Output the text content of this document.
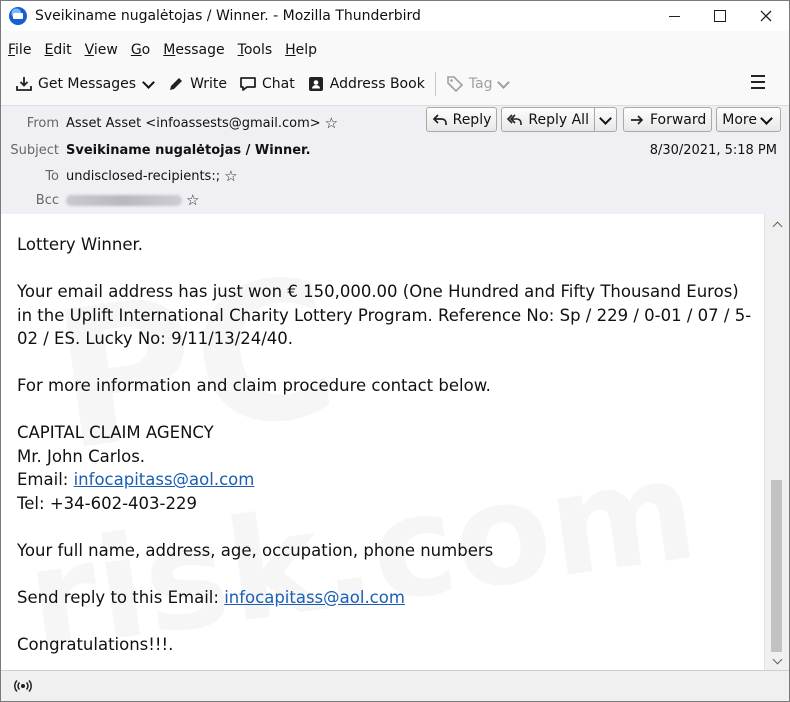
Sveikiname nugalėtojas / Winner. - Mozilla Thunderbird
File Edit View Go Message Tools Help
Get Messages	Write	Chat	Address Book	Tag
From Asset Asset <infoassests@gmail.com> ☆
Subject Sveikiname nugalėtojas / Winner.
To undisclosed-recipients:; ☆
Bcc	☆
Reply	Reply All	Forward More
8/30/2021, 5:18 PM

Lottery Winner.

Your email address has just won € 150,000.00 (One Hundred and Fifty Thousand Euros) in the Uplift International Charity Lottery Program. Reference No: Sp / 229 / 0-01 / 07 / 5-02 / ES. Lucky No: 9/11/13/24/40.

For more information and claim procedure contact below.

CAPITAL CLAIM AGENCY
Mr. John Carlos.
Email: infocapitass@aol.com
Tel: +34-602-403-229

Your full name, address, age, occupation, phone numbers

Send reply to this Email: infocapitass@aol.com

Congratulations!!!.
